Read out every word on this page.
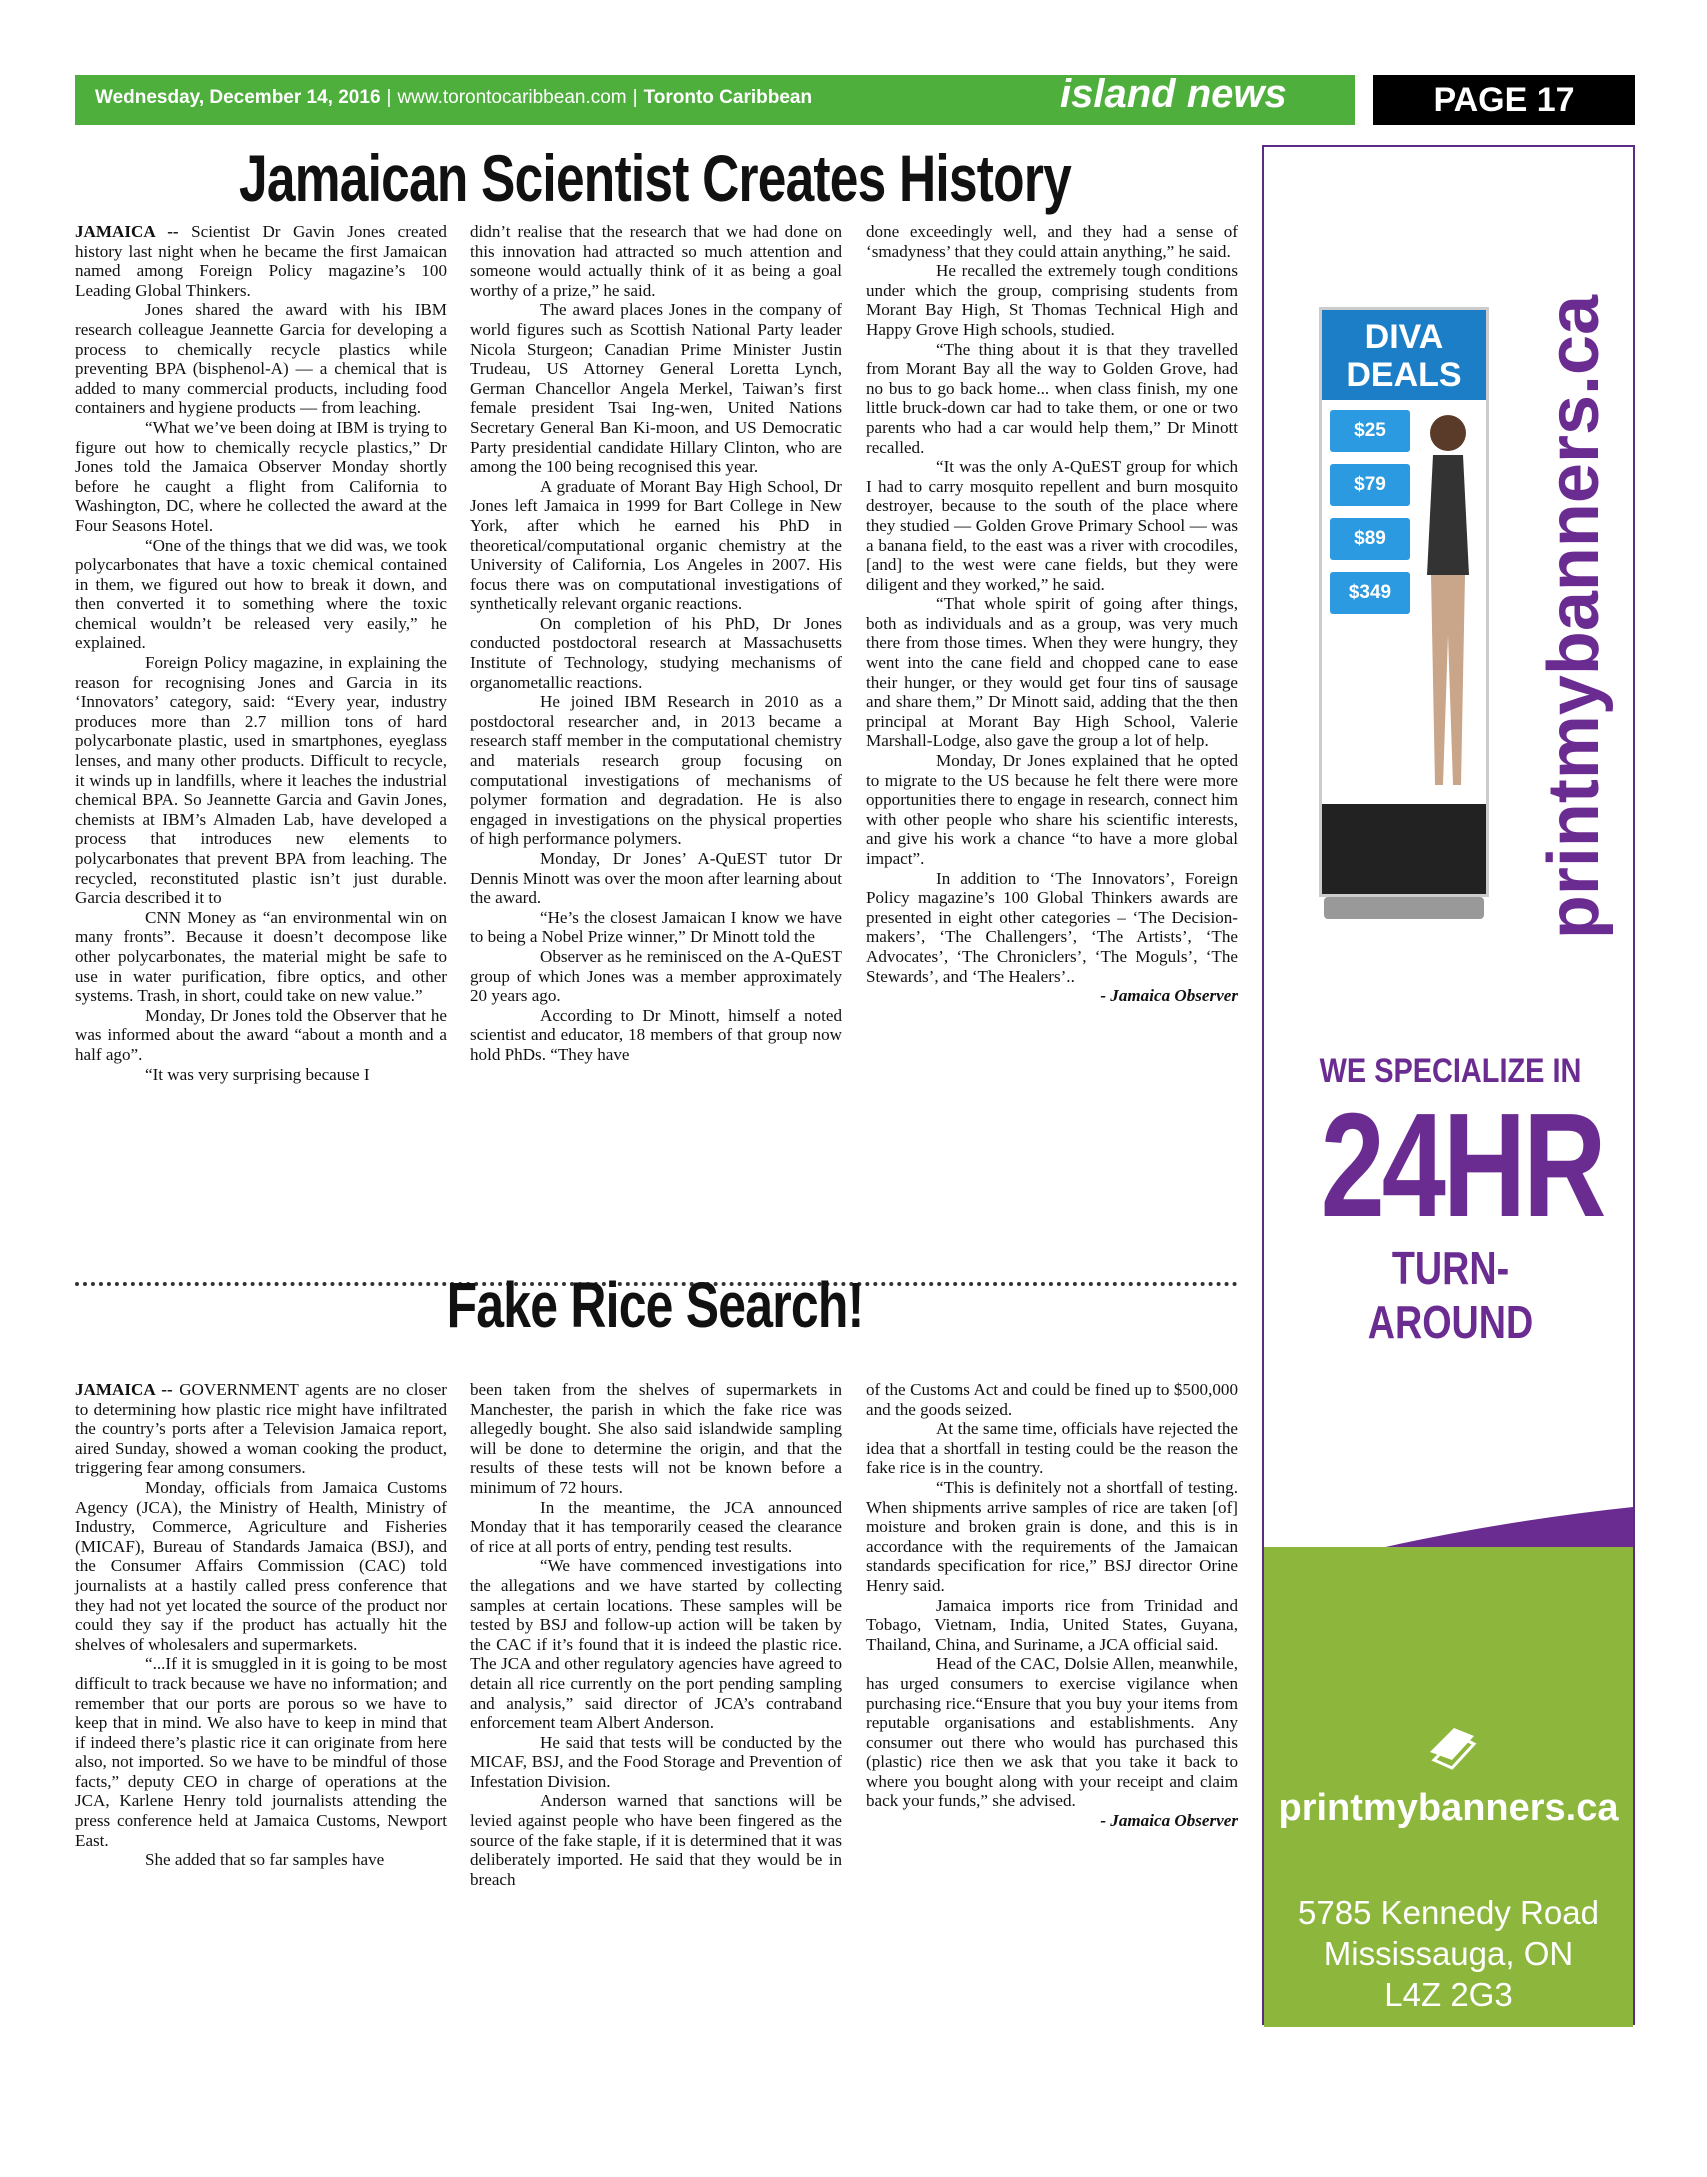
Wednesday, December 14, 2016 | www.torontocaribbean.com | Toronto Caribbean	island news	PAGE 17
Jamaican Scientist Creates History

JAMAICA -- Scientist Dr Gavin Jones created history last night when he became the first Jamaican named among Foreign Policy magazine’s 100 Leading Global Thinkers.

Jones shared the award with his IBM research colleague Jeannette Garcia for developing a process to chemically recycle plastics while preventing BPA (bisphenol-A) — a chemical that is added to many commercial products, including food containers and hygiene products — from leaching.

“What we’ve been doing at IBM is trying to figure out how to chemically recycle plastics,” Dr Jones told the Jamaica Observer Monday shortly before he caught a flight from California to Washington, DC, where he collected the award at the Four Seasons Hotel.

“One of the things that we did was, we took polycarbonates that have a toxic chemical contained in them, we figured out how to break it down, and then converted it to something where the toxic chemical wouldn’t be released very easily,” he explained.

Foreign Policy magazine, in explaining the reason for recognising Jones and Garcia in its ‘Innovators’ category, said: “Every year, industry produces more than 2.7 million tons of hard polycarbonate plastic, used in smartphones, eyeglass lenses, and many other products. Difficult to recycle, it winds up in landfills, where it leaches the industrial chemical BPA. So Jeannette Garcia and Gavin Jones, chemists at IBM’s Almaden Lab, have developed a process that introduces new elements to polycarbonates that prevent BPA from leaching. The recycled, reconstituted plastic isn’t just durable. Garcia described it to

CNN Money as “an environmental win on many fronts”. Because it doesn’t decompose like other polycarbonates, the material might be safe to use in water purification, fibre optics, and other systems. Trash, in short, could take on new value.”

Monday, Dr Jones told the Observer that he was informed about the award “about a month and a half ago”.

“It was very surprising because I

didn’t realise that the research that we had done on this innovation had attracted so much attention and someone would actually think of it as being a goal worthy of a prize,” he said.

The award places Jones in the company of world figures such as Scottish National Party leader Nicola Sturgeon; Canadian Prime Minister Justin Trudeau, US Attorney General Loretta Lynch, German Chancellor Angela Merkel, Taiwan’s first female president Tsai Ing-wen, United Nations Secretary General Ban Ki-moon, and US Democratic Party presidential candidate Hillary Clinton, who are among the 100 being recognised this year.

A graduate of Morant Bay High School, Dr Jones left Jamaica in 1999 for Bart College in New York, after which he earned his PhD in theoretical/computational organic chemistry at the University of California, Los Angeles in 2007. His focus there was on computational investigations of synthetically relevant organic reactions.

On completion of his PhD, Dr Jones conducted postdoctoral research at Massachusetts Institute of Technology, studying mechanisms of organometallic reactions.

He joined IBM Research in 2010 as a postdoctoral researcher and, in 2013 became a research staff member in the computational chemistry and materials research group focusing on computational investigations of mechanisms of polymer formation and degradation. He is also engaged in investigations on the physical properties of high performance polymers.

Monday, Dr Jones’ A-QuEST tutor Dr Dennis Minott was over the moon after learning about the award.

“He’s the closest Jamaican I know we have to being a Nobel Prize winner,” Dr Minott told the

Observer as he reminisced on the A-QuEST group of which Jones was a member approximately 20 years ago.

According to Dr Minott, himself a noted scientist and educator, 18 members of that group now hold PhDs. “They have

done exceedingly well, and they had a sense of ‘smadyness’ that they could attain anything,” he said.

He recalled the extremely tough conditions under which the group, comprising students from Morant Bay High, St Thomas Technical High and Happy Grove High schools, studied.

“The thing about it is that they travelled from Morant Bay all the way to Golden Grove, had no bus to go back home... when class finish, my one little bruck-down car had to take them, or one or two parents who had a car would help them,” Dr Minott recalled.

“It was the only A-QuEST group for which I had to carry mosquito repellent and burn mosquito destroyer, because to the south of the place where they studied — Golden Grove Primary School — was a banana field, to the east was a river with crocodiles, [and] to the west were cane fields, but they were diligent and they worked,” he said.

“That whole spirit of going after things, both as individuals and as a group, was very much there from those times. When they were hungry, they went into the cane field and chopped cane to ease their hunger, or they would get four tins of sausage and share them,” Dr Minott said, adding that the then principal at Morant Bay High School, Valerie Marshall-Lodge, also gave the group a lot of help.

Monday, Dr Jones explained that he opted to migrate to the US because he felt there were more opportunities there to engage in research, connect him with other people who share his scientific interests, and give his work a chance “to have a more global impact”.

In addition to ‘The Innovators’, Foreign Policy magazine’s 100 Global Thinkers awards are presented in eight other categories – ‘The Decision-makers’, ‘The Challengers’, ‘The Artists’, ‘The Advocates’, ‘The Chroniclers’, ‘The Moguls’, ‘The Stewards’, and ‘The Healers’..

- Jamaica Observer

Fake Rice Search!

JAMAICA -- GOVERNMENT agents are no closer to determining how plastic rice might have infiltrated the country’s ports after a Television Jamaica report, aired Sunday, showed a woman cooking the product, triggering fear among consumers.

Monday, officials from Jamaica Customs Agency (JCA), the Ministry of Health, Ministry of Industry, Commerce, Agriculture and Fisheries (MICAF), Bureau of Standards Jamaica (BSJ), and the Consumer Affairs Commission (CAC) told journalists at a hastily called press conference that they had not yet located the source of the product nor could they say if the product has actually hit the shelves of wholesalers and supermarkets.

“...If it is smuggled in it is going to be most difficult to track because we have no information; and remember that our ports are porous so we have to keep that in mind. We also have to keep in mind that if indeed there’s plastic rice it can originate from here also, not imported. So we have to be mindful of those facts,” deputy CEO in charge of operations at the JCA, Karlene Henry told journalists attending the press conference held at Jamaica Customs, Newport East.

She added that so far samples have

been taken from the shelves of supermarkets in Manchester, the parish in which the fake rice was allegedly bought. She also said islandwide sampling will be done to determine the origin, and that the results of these tests will not be known before a minimum of 72 hours.

In the meantime, the JCA announced Monday that it has temporarily ceased the clearance of rice at all ports of entry, pending test results.

“We have commenced investigations into the allegations and we have started by collecting samples at certain locations. These samples will be tested by BSJ and follow-up action will be taken by the CAC if it’s found that it is indeed the plastic rice. The JCA and other regulatory agencies have agreed to detain all rice currently on the port pending sampling and analysis,” said director of JCA’s contraband enforcement team Albert Anderson.

He said that tests will be conducted by the MICAF, BSJ, and the Food Storage and Prevention of Infestation Division.

Anderson warned that sanctions will be levied against people who have been fingered as the source of the fake staple, if it is determined that it was deliberately imported. He said that they would be in breach

of the Customs Act and could be fined up to $500,000 and the goods seized.

At the same time, officials have rejected the idea that a shortfall in testing could be the reason the fake rice is in the country.

“This is definitely not a shortfall of testing. When shipments arrive samples of rice are taken [of] moisture and broken grain is done, and this is in accordance with the requirements of the Jamaican standards specification for rice,” BSJ director Orine Henry said.

Jamaica imports rice from Trinidad and Tobago, Vietnam, India, United States, Guyana, Thailand, China, and Suriname, a JCA official said.

Head of the CAC, Dolsie Allen, meanwhile, has urged consumers to exercise vigilance when purchasing rice.“Ensure that you buy your items from reputable organisations and establishments. Any consumer out there who would has purchased this (plastic) rice then we ask that you take it back to where you bought along with your receipt and claim back your funds,” she advised.

- Jamaica Observer

printmybanners.ca
DIVA DEALS
$25
$79
$89
$349
WE SPECIALIZE IN
24HR
TURN-AROUND
printmybanners.ca
5785 Kennedy Road
Mississauga, ON
L4Z 2G3
905890-5000
